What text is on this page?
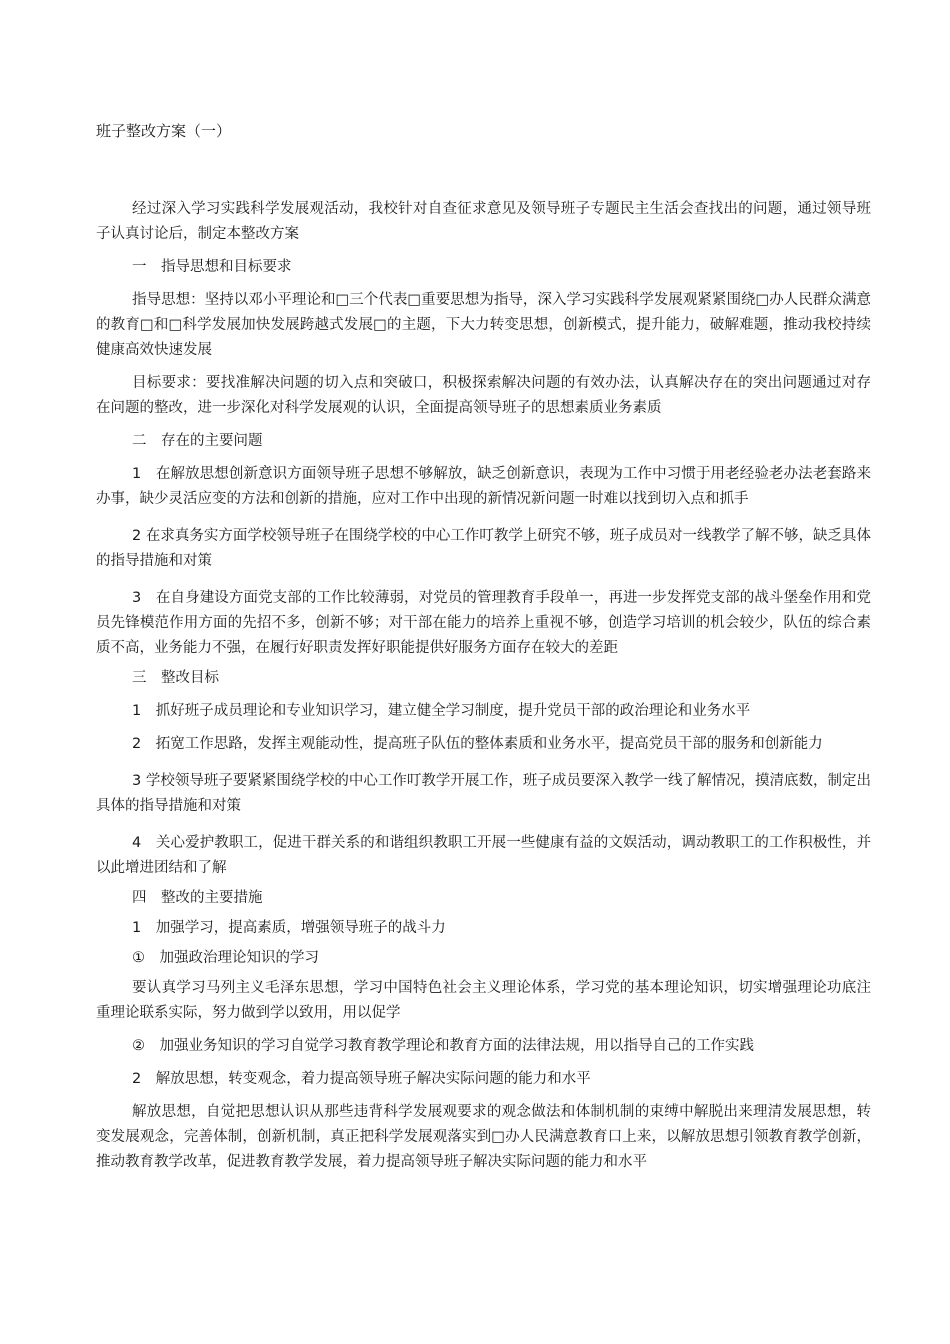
班子整改方案（一）

经过深入学习实践科学发展观活动，我校针对自查征求意见及领导班子专题民主生活会查找出的问题，通过领导班子认真讨论后，制定本整改方案

一　指导思想和目标要求

指导思想：坚持以邓小平理论和□三个代表□重要思想为指导，深入学习实践科学发展观紧紧围绕□办人民群众满意的教育□和□科学发展加快发展跨越式发展□的主题，下大力转变思想，创新模式，提升能力，破解难题，推动我校持续健康高效快速发展

目标要求：要找准解决问题的切入点和突破口，积极探索解决问题的有效办法，认真解决存在的突出问题通过对存在问题的整改，进一步深化对科学发展观的认识，全面提高领导班子的思想素质业务素质

二　存在的主要问题

1　在解放思想创新意识方面领导班子思想不够解放，缺乏创新意识，表现为工作中习惯于用老经验老办法老套路来办事，缺少灵活应变的方法和创新的措施，应对工作中出现的新情况新问题一时难以找到切入点和抓手

2 在求真务实方面学校领导班子在围绕学校的中心工作叮教学上研究不够，班子成员对一线教学了解不够，缺乏具体的指导措施和对策

3　在自身建设方面党支部的工作比较薄弱，对党员的管理教育手段单一，再进一步发挥党支部的战斗堡垒作用和党员先锋模范作用方面的先招不多，创新不够；对干部在能力的培养上重视不够，创造学习培训的机会较少，队伍的综合素质不高，业务能力不强，在履行好职责发挥好职能提供好服务方面存在较大的差距

三　整改目标

1　抓好班子成员理论和专业知识学习，建立健全学习制度，提升党员干部的政治理论和业务水平

2　拓宽工作思路，发挥主观能动性，提高班子队伍的整体素质和业务水平，提高党员干部的服务和创新能力

3 学校领导班子要紧紧围绕学校的中心工作叮教学开展工作，班子成员要深入教学一线了解情况，摸清底数，制定出具体的指导措施和对策

4　关心爱护教职工，促进干群关系的和谐组织教职工开展一些健康有益的文娱活动，调动教职工的工作积极性，并以此增进团结和了解

四　整改的主要措施

1　加强学习，提高素质，增强领导班子的战斗力

①　加强政治理论知识的学习

要认真学习马列主义毛泽东思想，学习中国特色社会主义理论体系，学习党的基本理论知识，切实增强理论功底注重理论联系实际，努力做到学以致用，用以促学

②　加强业务知识的学习自觉学习教育教学理论和教育方面的法律法规，用以指导自己的工作实践

2　解放思想，转变观念，着力提高领导班子解决实际问题的能力和水平

解放思想，自觉把思想认识从那些违背科学发展观要求的观念做法和体制机制的束缚中解脱出来理清发展思想，转变发展观念，完善体制，创新机制，真正把科学发展观落实到□办人民满意教育口上来，以解放思想引领教育教学创新，推动教育教学改革，促进教育教学发展，着力提高领导班子解决实际问题的能力和水平
